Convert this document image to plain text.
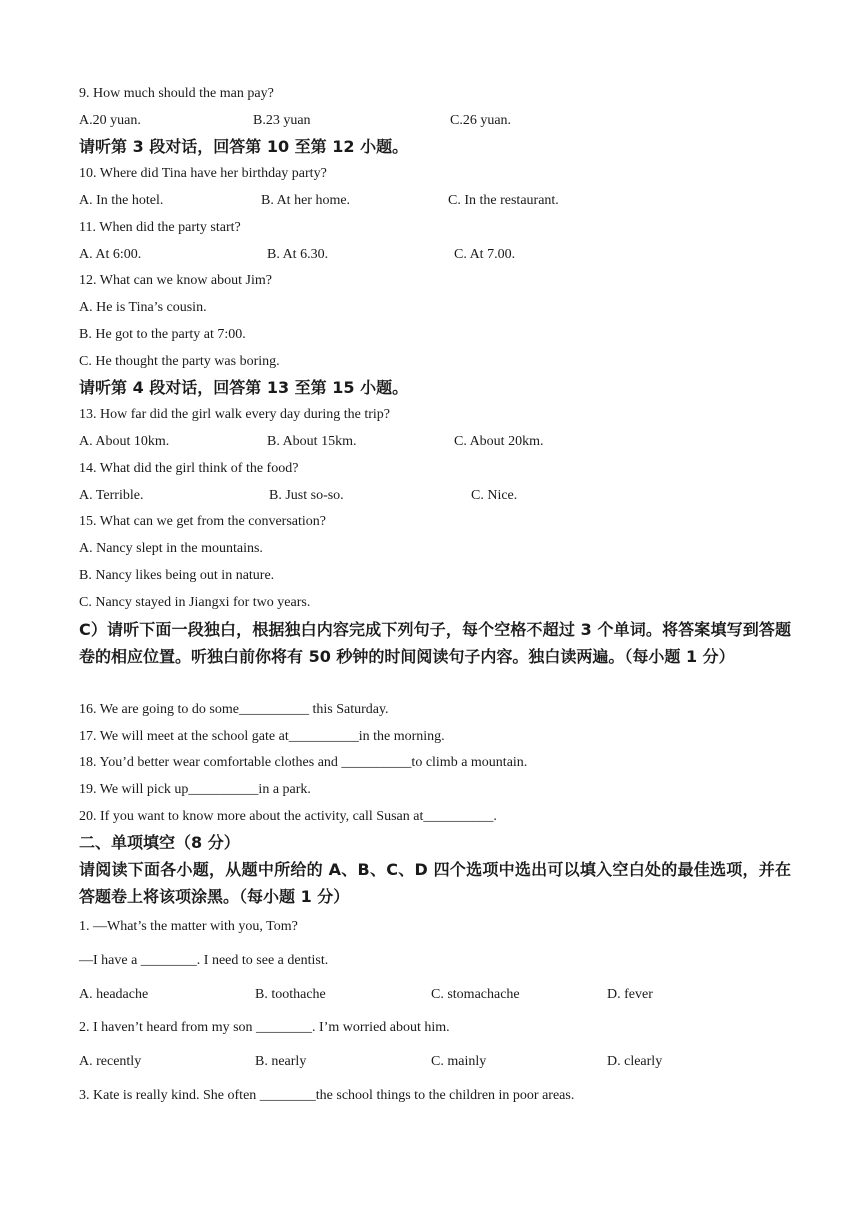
9. How much should the man pay?
A.20 yuan.	B.23 yuan	C.26 yuan.
请听第 3 段对话，回答第 10 至第 12 小题。
10. Where did Tina have her birthday party?
A. In the hotel.	B. At her home.	C. In the restaurant.
11. When did the party start?
A. At 6:00.	B. At 6.30.	C. At 7.00.
12. What can we know about Jim?
A. He is Tina’s cousin.
B. He got to the party at 7:00.
C. He thought the party was boring.
请听第 4 段对话，回答第 13 至第 15 小题。
13. How far did the girl walk every day during the trip?
A. About 10km.	B. About 15km.	C. About 20km.
14. What did the girl think of the food?
A. Terrible.	B. Just so-so.	C. Nice.
15. What can we get from the conversation?
A. Nancy slept in the mountains.
B. Nancy likes being out in nature.
C. Nancy stayed in Jiangxi for two years.
C）请听下面一段独白，根据独白内容完成下列句子，每个空格不超过 3 个单词。将答案填写到答题卷的相应位置。听独白前你将有 50 秒钟的时间阅读句子内容。独白读两遍。（每小题 1 分）
16. We are going to do some__________ this Saturday.
17. We will meet at the school gate at__________in the morning.
18. You’d better wear comfortable clothes and __________to climb a mountain.
19. We will pick up__________in a park.
20. If you want to know more about the activity, call Susan at__________.
二、单项填空（8 分）
请阅读下面各小题，从题中所给的 A、B、C、D 四个选项中选出可以填入空白处的最佳选项，并在答题卷上将该项涂黑。（每小题 1 分）
1. —What’s the matter with you, Tom?
—I have a ________. I need to see a dentist.
A. headache	B. toothache	C. stomachache	D. fever
2. I haven’t heard from my son ________. I’m worried about him.
A. recently	B. nearly	C. mainly	D. clearly
3. Kate is really kind. She often ________the school things to the children in poor areas.
